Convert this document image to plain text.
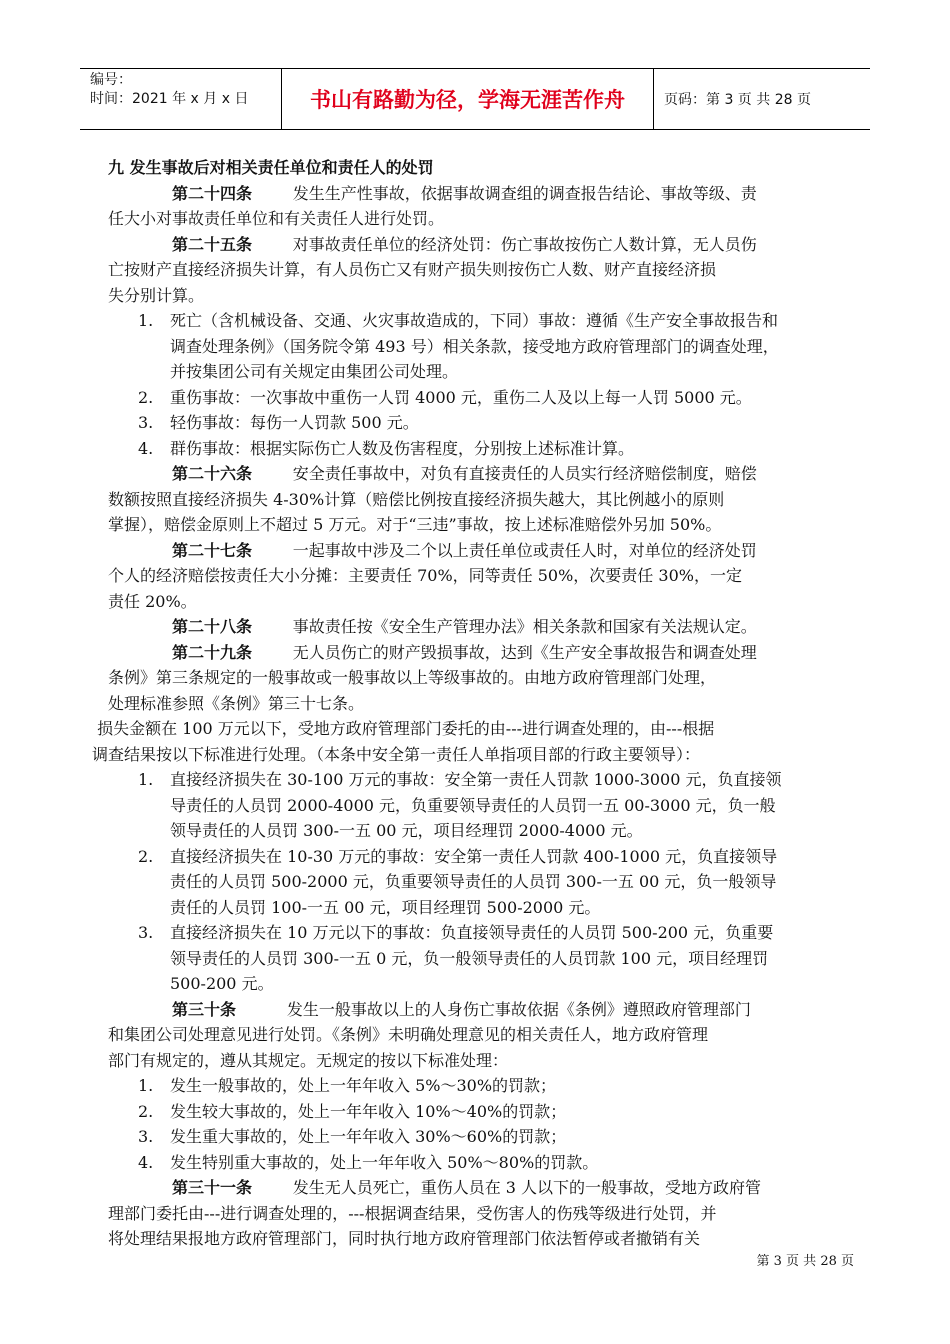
编号：
时间：2021 年 x 月 x 日	书山有路勤为径，学海无涯苦作舟	页码：第 3 页 共 28 页
九 发生事故后对相关责任单位和责任人的处罚
第二十四条        发生生产性事故，依据事故调查组的调查报告结论、事故等级、责
任大小对事故责任单位和有关责任人进行处罚。
第二十五条        对事故责任单位的经济处罚：伤亡事故按伤亡人数计算，无人员伤
亡按财产直接经济损失计算，有人员伤亡又有财产损失则按伤亡人数、财产直接经济损
失分别计算。
1.	死亡（含机械设备、交通、火灾事故造成的，下同）事故：遵循《生产安全事故报告和
调查处理条例》（国务院令第 493 号）相关条款，接受地方政府管理部门的调查处理，
并按集团公司有关规定由集团公司处理。
2.	重伤事故：一次事故中重伤一人罚 4000 元，重伤二人及以上每一人罚 5000 元。
3.	轻伤事故：每伤一人罚款 500 元。
4.	群伤事故：根据实际伤亡人数及伤害程度，分别按上述标准计算。
第二十六条        安全责任事故中，对负有直接责任的人员实行经济赔偿制度，赔偿
数额按照直接经济损失 4-30%计算（赔偿比例按直接经济损失越大，其比例越小的原则
掌握），赔偿金原则上不超过 5 万元。对于“三违”事故，按上述标准赔偿外另加 50%。
第二十七条        一起事故中涉及二个以上责任单位或责任人时，对单位的经济处罚
个人的经济赔偿按责任大小分摊：主要责任 70%，同等责任 50%，次要责任 30%，一定
责任 20%。
第二十八条        事故责任按《安全生产管理办法》相关条款和国家有关法规认定。
第二十九条        无人员伤亡的财产毁损事故，达到《生产安全事故报告和调查处理
条例》第三条规定的一般事故或一般事故以上等级事故的。由地方政府管理部门处理，
处理标准参照《条例》第三十七条。
损失金额在 100 万元以下，受地方政府管理部门委托的由---进行调查处理的，由---根据
调查结果按以下标准进行处理。（本条中安全第一责任人单指项目部的行政主要领导）：
1.	直接经济损失在 30-100 万元的事故：安全第一责任人罚款 1000-3000 元，负直接领
导责任的人员罚 2000-4000 元，负重要领导责任的人员罚一五 00-3000 元，负一般
领导责任的人员罚 300-一五 00 元，项目经理罚 2000-4000 元。
2.	直接经济损失在 10-30 万元的事故：安全第一责任人罚款 400-1000 元，负直接领导
责任的人员罚 500-2000 元，负重要领导责任的人员罚 300-一五 00 元，负一般领导
责任的人员罚 100-一五 00 元，项目经理罚 500-2000 元。
3.	直接经济损失在 10 万元以下的事故：负直接领导责任的人员罚 500-200 元，负重要
领导责任的人员罚 300-一五 0 元，负一般领导责任的人员罚款 100 元，项目经理罚
500-200 元。
第三十条          发生一般事故以上的人身伤亡事故依据《条例》遵照政府管理部门
和集团公司处理意见进行处罚。《条例》未明确处理意见的相关责任人，地方政府管理
部门有规定的，遵从其规定。无规定的按以下标准处理：
1.	发生一般事故的，处上一年年收入 5%～30%的罚款；
2.	发生较大事故的，处上一年年收入 10%～40%的罚款；
3.	发生重大事故的，处上一年年收入 30%～60%的罚款；
4.	发生特别重大事故的，处上一年年收入 50%～80%的罚款。
第三十一条        发生无人员死亡，重伤人员在 3 人以下的一般事故，受地方政府管
理部门委托由---进行调查处理的，---根据调查结果，受伤害人的伤残等级进行处罚，并
将处理结果报地方政府管理部门，同时执行地方政府管理部门依法暂停或者撤销有关
第 3 页 共 28 页
